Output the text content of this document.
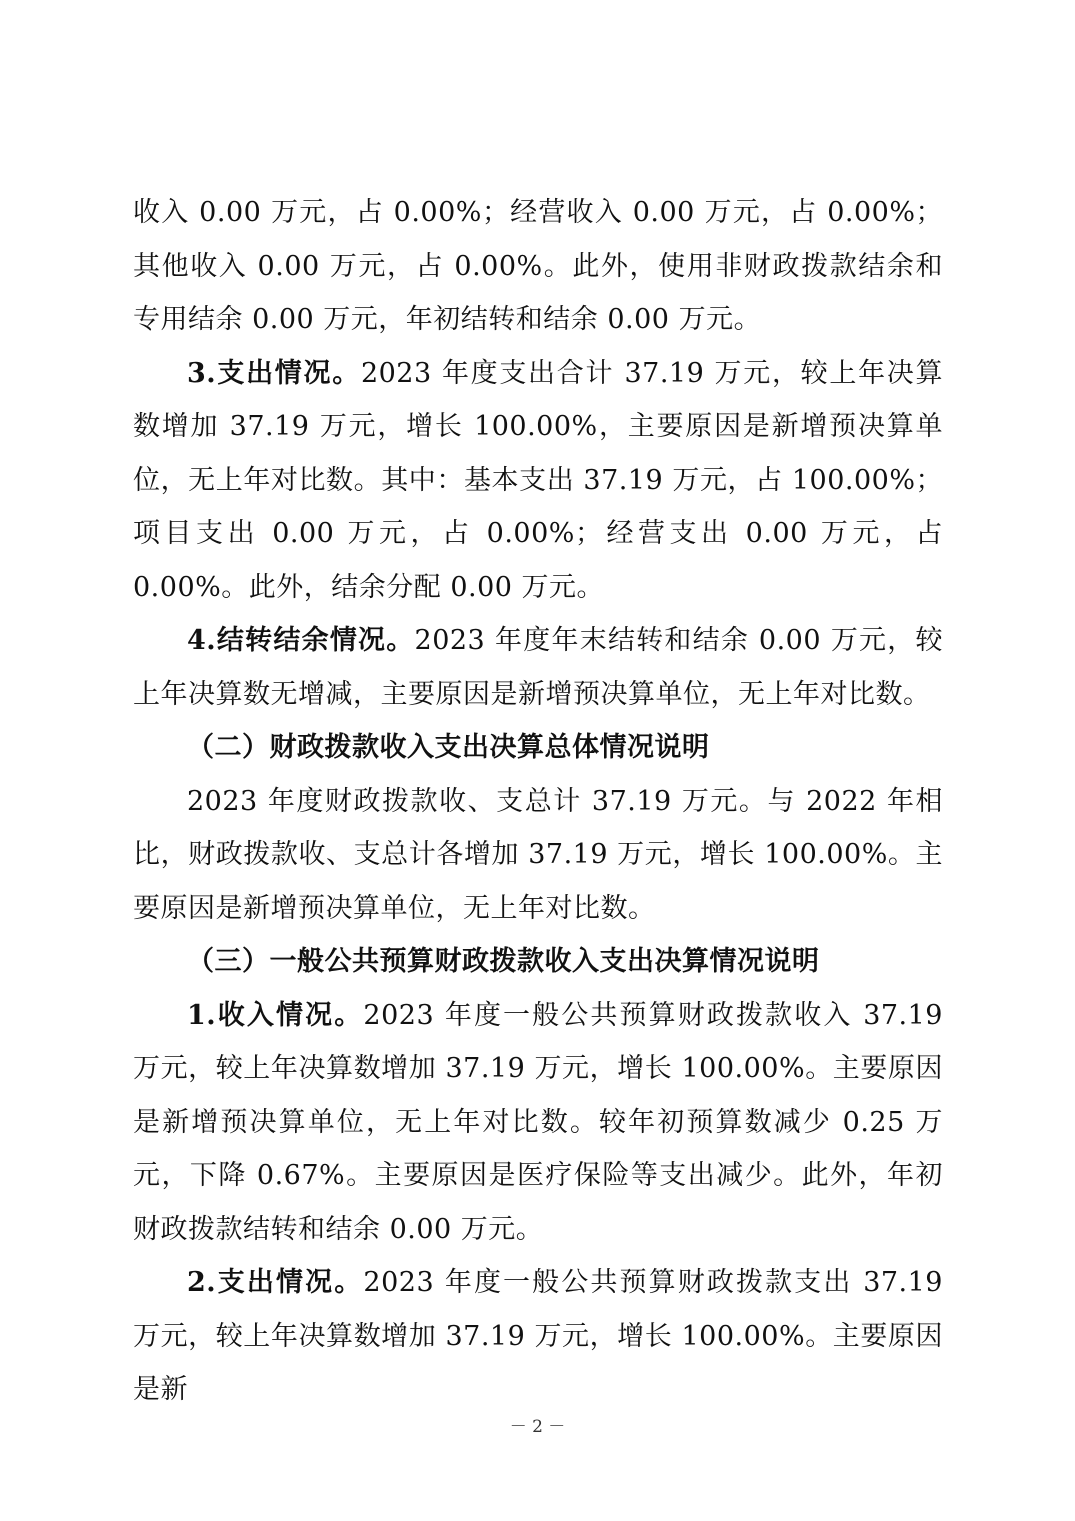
收入 0.00 万元，占 0.00%；经营收入 0.00 万元，占 0.00%；其他收入 0.00 万元，占 0.00%。此外，使用非财政拨款结余和专用结余 0.00 万元，年初结转和结余 0.00 万元。

3.支出情况。2023 年度支出合计 37.19 万元，较上年决算数增加 37.19 万元，增长 100.00%，主要原因是新增预决算单位，无上年对比数。其中：基本支出 37.19 万元，占 100.00%；项目支出 0.00 万元，占 0.00%；经营支出 0.00 万元，占 0.00%。此外，结余分配 0.00 万元。

4.结转结余情况。2023 年度年末结转和结余 0.00 万元，较上年决算数无增减，主要原因是新增预决算单位，无上年对比数。

（二）财政拨款收入支出决算总体情况说明

2023 年度财政拨款收、支总计 37.19 万元。与 2022 年相比，财政拨款收、支总计各增加 37.19 万元，增长 100.00%。主要原因是新增预决算单位，无上年对比数。

（三）一般公共预算财政拨款收入支出决算情况说明

1.收入情况。2023 年度一般公共预算财政拨款收入 37.19 万元，较上年决算数增加 37.19 万元，增长 100.00%。主要原因是新增预决算单位，无上年对比数。较年初预算数减少 0.25 万元，下降 0.67%。主要原因是医疗保险等支出减少。此外，年初财政拨款结转和结余 0.00 万元。

2.支出情况。2023 年度一般公共预算财政拨款支出 37.19 万元，较上年决算数增加 37.19 万元，增长 100.00%。主要原因是新

－ 2 －
